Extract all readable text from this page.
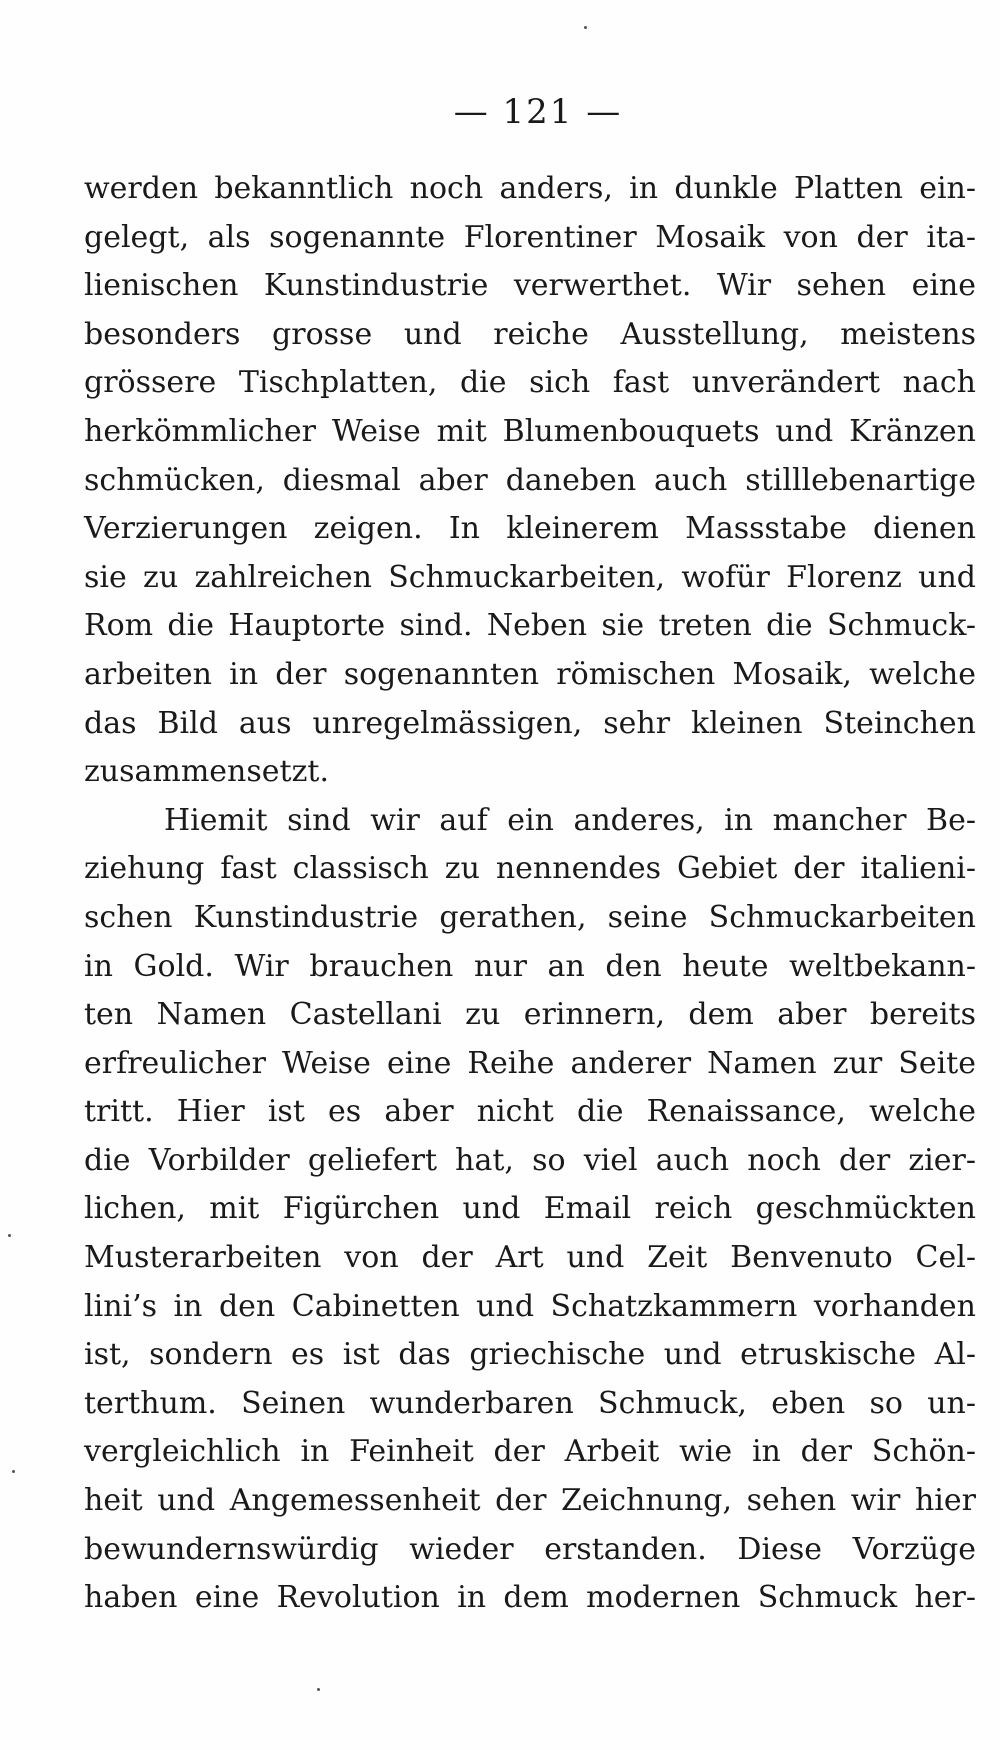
— 121 —
werden bekanntlich noch anders, in dunkle Platten ein-
gelegt, als sogenannte Florentiner Mosaik von der ita-
lienischen Kunstindustrie verwerthet. Wir sehen eine
besonders grosse und reiche Ausstellung, meistens
grössere Tischplatten, die sich fast unverändert nach
herkömmlicher Weise mit Blumenbouquets und Kränzen
schmücken, diesmal aber daneben auch stilllebenartige
Verzierungen zeigen. In kleinerem Massstabe dienen
sie zu zahlreichen Schmuckarbeiten, wofür Florenz und
Rom die Hauptorte sind. Neben sie treten die Schmuck-
arbeiten in der sogenannten römischen Mosaik, welche
das Bild aus unregelmässigen, sehr kleinen Steinchen
zusammensetzt.
Hiemit sind wir auf ein anderes, in mancher Be-
ziehung fast classisch zu nennendes Gebiet der italieni-
schen Kunstindustrie gerathen, seine Schmuckarbeiten
in Gold. Wir brauchen nur an den heute weltbekann-
ten Namen Castellani zu erinnern, dem aber bereits
erfreulicher Weise eine Reihe anderer Namen zur Seite
tritt. Hier ist es aber nicht die Renaissance, welche
die Vorbilder geliefert hat, so viel auch noch der zier-
lichen, mit Figürchen und Email reich geschmückten
Musterarbeiten von der Art und Zeit Benvenuto Cel-
lini’s in den Cabinetten und Schatzkammern vorhanden
ist, sondern es ist das griechische und etruskische Al-
terthum. Seinen wunderbaren Schmuck, eben so un-
vergleichlich in Feinheit der Arbeit wie in der Schön-
heit und Angemessenheit der Zeichnung, sehen wir hier
bewundernswürdig wieder erstanden. Diese Vorzüge
haben eine Revolution in dem modernen Schmuck her-
